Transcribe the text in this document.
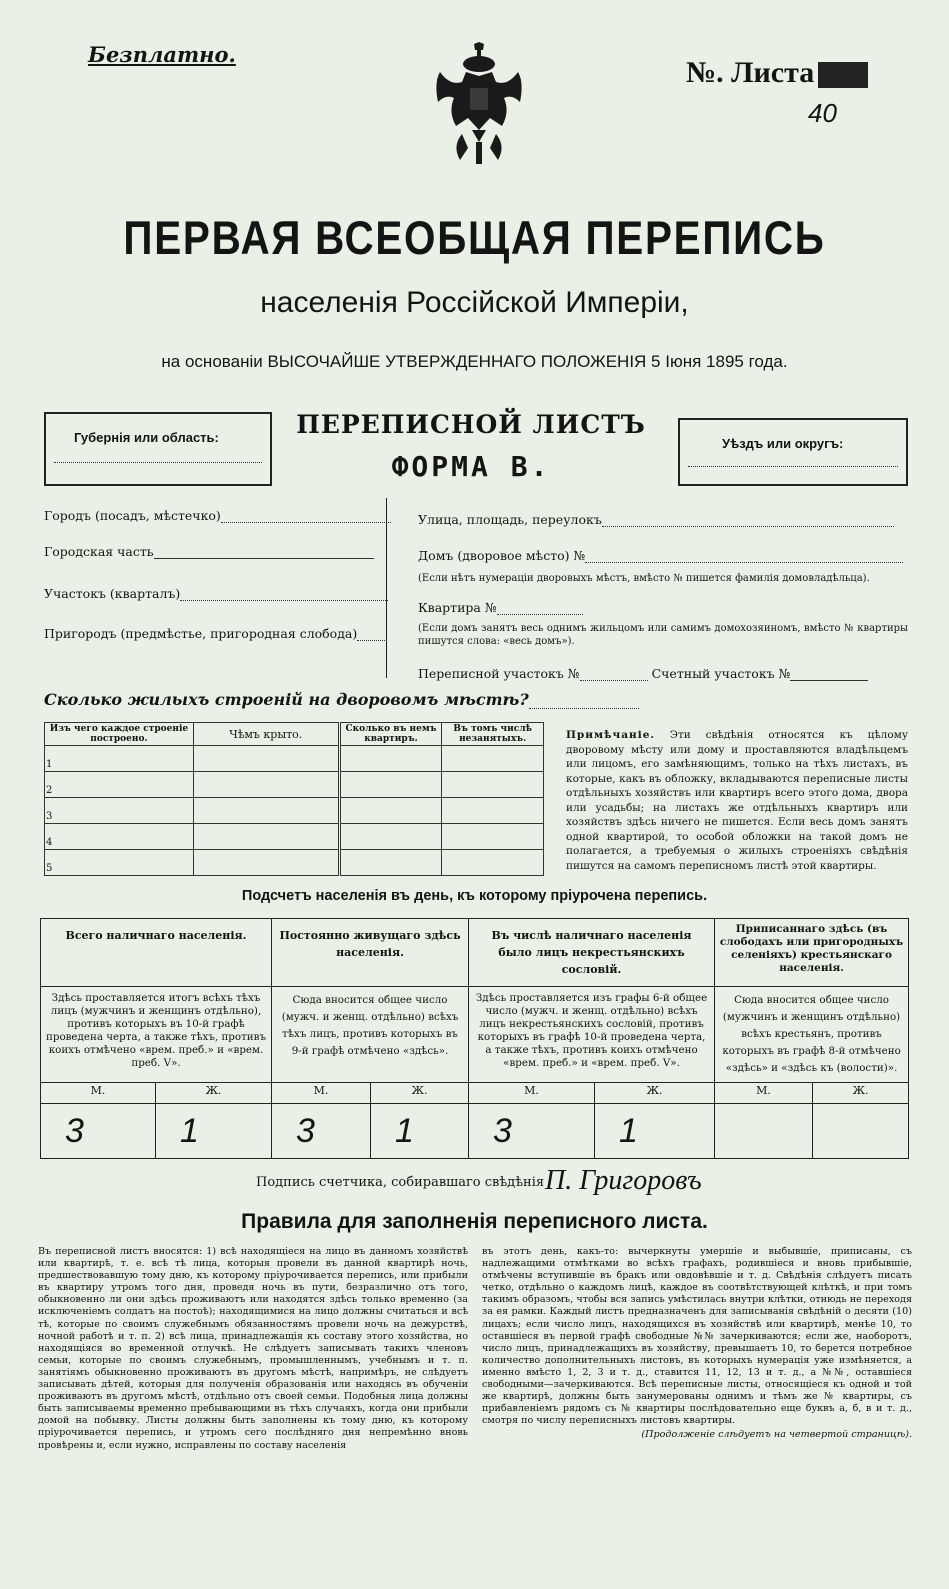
Безплатно.
№. Листа
40
ПЕРВАЯ ВСЕОБЩАЯ ПЕРЕПИСЬ
населенія Россійской Имперіи,
на основаніи ВЫСОЧАЙШЕ УТВЕРЖДЕННАГО ПОЛОЖЕНІЯ 5 Іюня 1895 года.
Губернія или область:	ПЕРЕПИСНОЙ ЛИСТЪ
ФОРМА В.
Уѣздъ или округъ:
Городъ (посадъ, мѣстечко)
Городская часть
Участокъ (кварталъ)
Пригородъ (предмѣстье, пригородная слобода)
Улица, площадь, переулокъ
Домъ (дворовое мѣсто) №
(Если нѣтъ нумераціи дворовыхъ мѣстъ, вмѣсто № пишется фамилія домовладѣльца).
Квартира №
(Если домъ занятъ весь однимъ жильцомъ или самимъ домохозяиномъ, вмѣсто № квартиры пишутся слова: «весь домъ»).
Переписной участокъ №	Счетный участокъ №
Сколько жилыхъ строеній на дворовомъ мѣстѣ?
Изъ чего каждое строеніе построено.	Чѣмъ крыто.	Сколько въ немъ квартиръ.	Въ томъ числѣ незанятыхъ.
1			
2			
3			
4			
5			
Примѣчаніе. Эти свѣдѣнія относятся къ цѣлому дворовому мѣсту или дому и проставляются владѣльцемъ или лицомъ, его замѣняющимъ, только на тѣхъ листахъ, въ которые, какъ въ обложку, вкладываются переписные листы отдѣльныхъ хозяйствъ или квартиръ всего этого дома, двора или усадьбы; на листахъ же отдѣльныхъ квартиръ или хозяйствъ здѣсь ничего не пишется. Если весь домъ занятъ одной квартирой, то особой обложки на такой домъ не полагается, а требуемыя о жилыхъ строеніяхъ свѣдѣнія пишутся на самомъ переписномъ листѣ этой квартиры.
Подсчетъ населенія въ день, къ которому пріурочена перепись.
Всего наличнаго населенія.		Постоянно живущаго здѣсь населенія.		Въ числѣ наличнаго населенія было лицъ некрестьянскихъ сословій.		Приписаннаго здѣсь (въ слободахъ или пригородныхъ селеніяхъ) крестьянскаго населенія.	
Здѣсь проставляется итогъ всѣхъ тѣхъ лицъ (мужчинъ и женщинъ отдѣльно), противъ которыхъ въ 10-й графѣ проведена черта, а также тѣхъ, противъ коихъ отмѣчено «врем. преб.» и «врем. преб. V».		Сюда вносится общее число (мужч. и женщ. отдѣльно) всѣхъ тѣхъ лицъ, противъ которыхъ въ 9-й графѣ отмѣчено «здѣсь».		Здѣсь проставляется изъ графы 6-й общее число (мужч. и женщ. отдѣльно) всѣхъ лицъ некрестьянскихъ сословій, противъ которыхъ въ графѣ 10-й проведена черта, а также тѣхъ, противъ коихъ отмѣчено «врем. преб.» и «врем. преб. V».		Сюда вносится общее число (мужчинъ и женщинъ отдѣльно) всѣхъ крестьянъ, противъ которыхъ въ графѣ 8-й отмѣчено «здѣсь» и «здѣсь къ (волости)».	
М.	Ж.	М.	Ж.	М.	Ж.	М.	Ж.
3	1	3	1	3	1		
Подпись счетчика, собиравшаго свѣдѣнія П. Григоровъ
Правила для заполненія переписного листа.
Въ переписной листъ вносятся: 1) всѣ находящіеся на лицо въ данномъ хозяйствѣ или квартирѣ, т. е. всѣ тѣ лица, которыя провели въ данной квартирѣ ночь, предшествовавшую тому дню, къ которому пріурочивается перепись, или прибыли въ квартиру утромъ того дня, проведя ночь въ пути, безразлично отъ того, обыкновенно ли они здѣсь проживаютъ или находятся здѣсь только временно (за исключеніемъ солдатъ на постоѣ); находящимися на лицо должны считаться и всѣ тѣ, которые по своимъ служебнымъ обязанностямъ провели ночь на дежурствѣ, ночной работѣ и т. п. 2) всѣ лица, принадлежащія къ составу этого хозяйства, но находящіяся во временной отлучкѣ. Не слѣдуетъ записывать такихъ членовъ семьи, которые по своимъ служебнымъ, промышленнымъ, учебнымъ и т. п. занятіямъ обыкновенно проживаютъ въ другомъ мѣстѣ, напримѣръ, не слѣдуетъ записывать дѣтей, которыя для полученія образованія или находясь въ обученіи проживаютъ въ другомъ мѣстѣ, отдѣльно отъ своей семьи. Подобныя лица должны быть записываемы временно пребывающими въ тѣхъ случаяхъ, когда они прибыли домой на побывку. Листы должны быть заполнены къ тому дню, къ которому пріурочивается перепись, и утромъ сего послѣдняго дня непремѣнно вновь провѣрены и, если нужно, исправлены по составу населенія
въ этотъ день, какъ-то: вычеркнуты умершіе и выбывшіе, приписаны, съ надлежащими отмѣтками во всѣхъ графахъ, родившіеся и вновь прибывшіе, отмѣчены вступившіе въ бракъ или овдовѣвшіе и т. д. Свѣдѣнія слѣдуетъ писать четко, отдѣльно о каждомъ лицѣ, каждое въ соотвѣтствующей клѣткѣ, и при томъ такимъ образомъ, чтобы вся запись умѣстилась внутри клѣтки, отнюдь не переходя за ея рамки. Каждый листъ предназначенъ для записыванія свѣдѣній о десяти (10) лицахъ; если число лицъ, находящихся въ хозяйствѣ или квартирѣ, менѣе 10, то оставшіеся въ первой графѣ свободные №№ зачеркиваются; если же, наоборотъ, число лицъ, принадлежащихъ въ хозяйству, превышаетъ 10, то берется потребное количество дополнительныхъ листовъ, въ которыхъ нумерація уже измѣняется, а именно вмѣсто 1, 2, 3 и т. д., ставится 11, 12, 13 и т. д., а №№, оставшіеся свободными—зачеркиваются. Всѣ переписные листы, относящіеся къ одной и той же квартирѣ, должны быть занумерованы однимъ и тѣмъ же № квартиры, съ прибавленіемъ рядомъ съ № квартиры послѣдовательно еще буквъ а, б, в и т. д., смотря по числу переписныхъ листовъ квартиры.
(Продолженіе слѣдуетъ на четвертой страницѣ).
